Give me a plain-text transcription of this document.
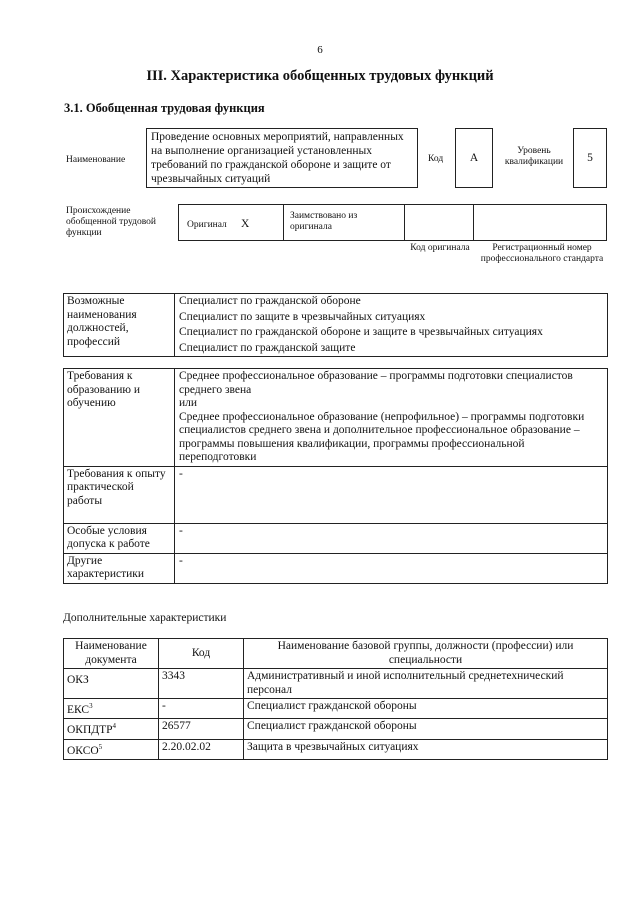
6
III. Характеристика обобщенных трудовых функций
3.1. Обобщенная трудовая функция
Наименование
Проведение основных мероприятий, направленных на выполнение организацией установленных требований по гражданской обороне и защите от чрезвычайных ситуаций
Код	А
Уровень квалификации	5
Происхождение обобщенной трудовой функции
Оригинал X
Заимствовано из оригинала
Код оригинала	Регистрационный номер профессионального стандарта
Возможные наименования должностей, профессий	
Специалист по гражданской обороне
Специалист по защите в чрезвычайных ситуациях
Специалист по гражданской обороне и защите в чрезвычайных ситуациях
Специалист по гражданской защите
Требования к образованию и обучению	Среднее профессиональное образование – программы подготовки специалистов среднего звена
или
Среднее профессиональное образование (непрофильное) – программы подготовки специалистов среднего звена и дополнительное профессиональное образование – программы повышения квалификации, программы профессиональной переподготовки

Требования к опыту практической работы	-
Особые условия допуска к работе	-
Другие характеристики	-
Дополнительные характеристики
Наименование документа	Код	Наименование базовой группы, должности (профессии) или специальности
ОКЗ	3343	Административный и иной исполнительный среднетехнический персонал
ЕКС$^3$	-	Специалист гражданской обороны
ОКПДТР$^4$	26577	Специалист гражданской обороны
ОКСО$^5$	2.20.02.02	Защита в чрезвычайных ситуациях
